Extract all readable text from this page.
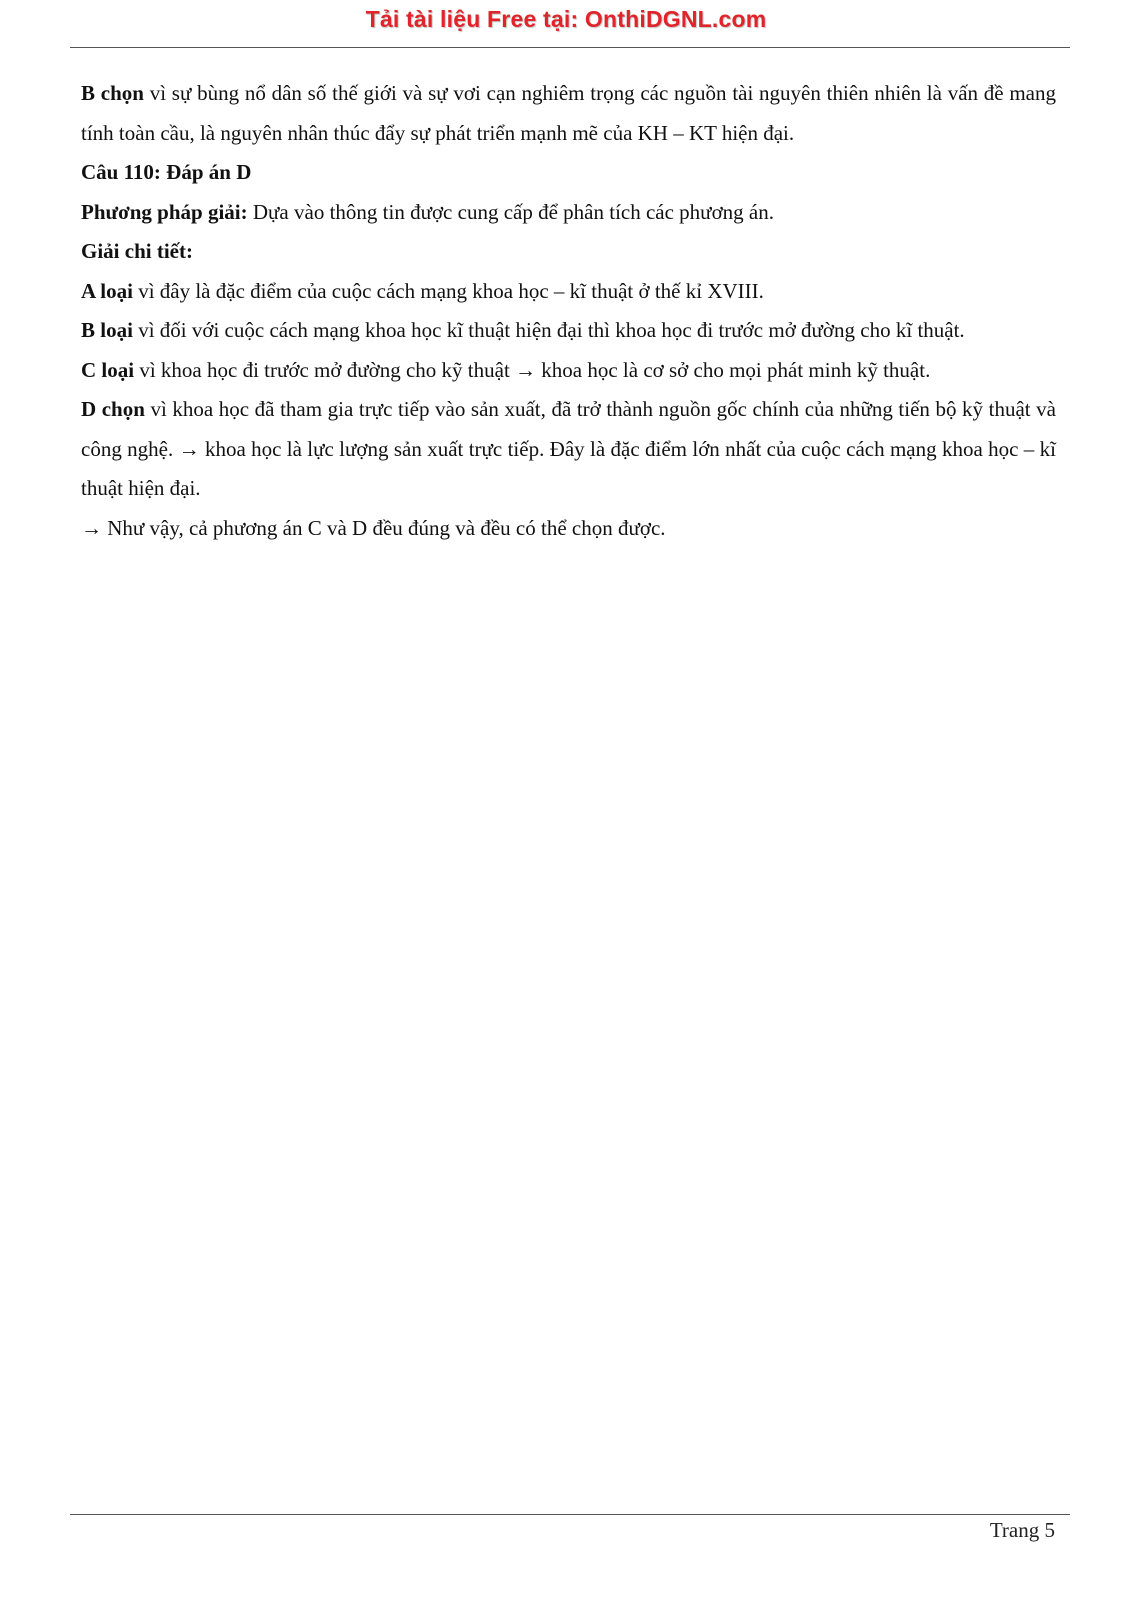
Tải tài liệu Free tại: OnthiDGNL.com

B chọn vì sự bùng nổ dân số thế giới và sự vơi cạn nghiêm trọng các nguồn tài nguyên thiên nhiên là vấn đề mang tính toàn cầu, là nguyên nhân thúc đẩy sự phát triển mạnh mẽ của KH – KT hiện đại.

Câu 110: Đáp án D

Phương pháp giải: Dựa vào thông tin được cung cấp để phân tích các phương án.

Giải chi tiết:

A loại vì đây là đặc điểm của cuộc cách mạng khoa học – kĩ thuật ở thế kỉ XVIII.

B loại vì đối với cuộc cách mạng khoa học kĩ thuật hiện đại thì khoa học đi trước mở đường cho kĩ thuật.

C loại vì khoa học đi trước mở đường cho kỹ thuật → khoa học là cơ sở cho mọi phát minh kỹ thuật.

D chọn vì khoa học đã tham gia trực tiếp vào sản xuất, đã trở thành nguồn gốc chính của những tiến bộ kỹ thuật và công nghệ. → khoa học là lực lượng sản xuất trực tiếp. Đây là đặc điểm lớn nhất của cuộc cách mạng khoa học – kĩ thuật hiện đại.

→ Như vậy, cả phương án C và D đều đúng và đều có thể chọn được.

Trang 5
